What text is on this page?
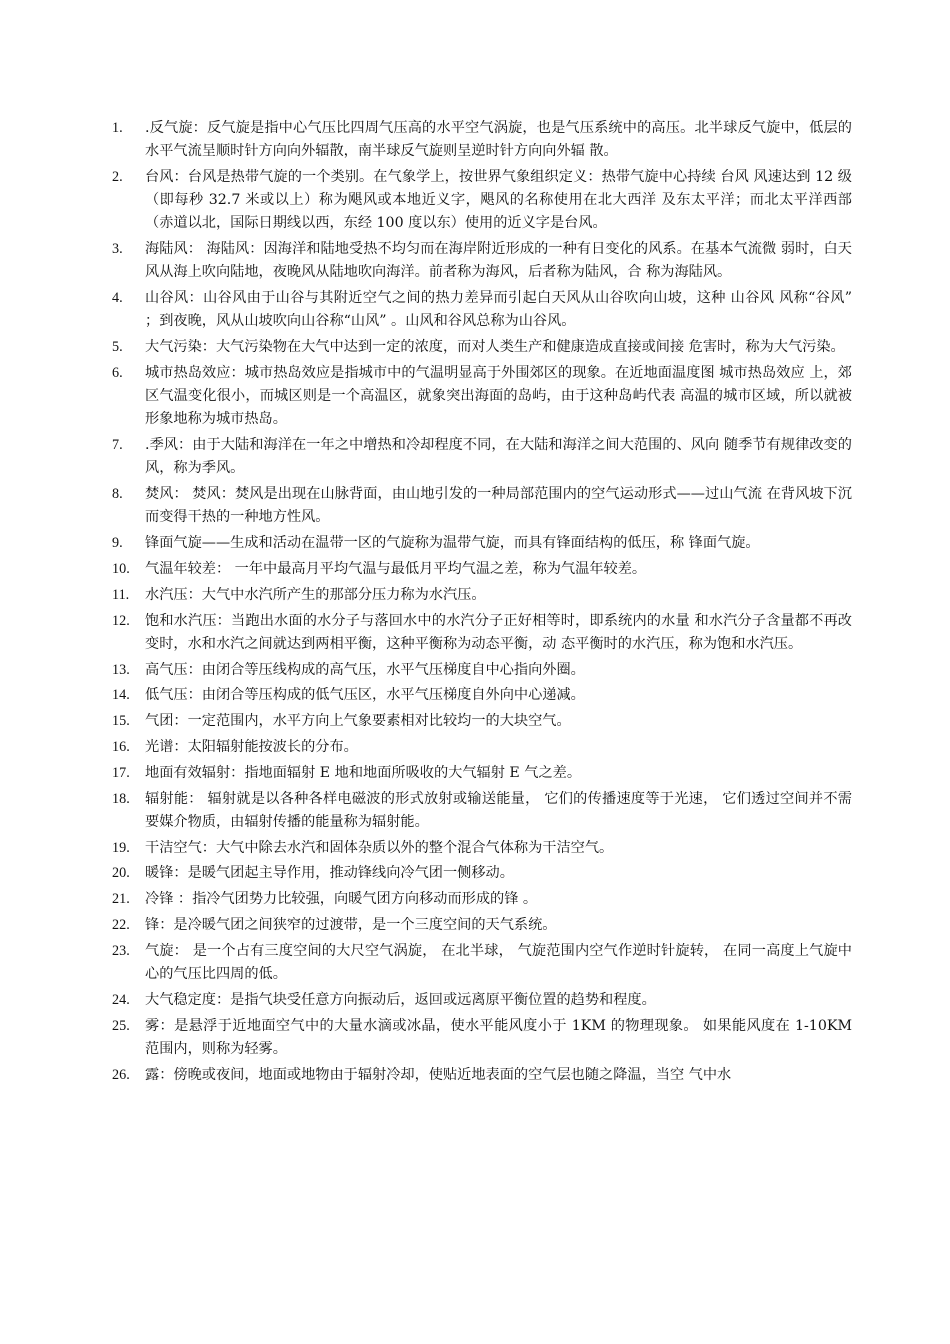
1.	.反气旋：反气旋是指中心气压比四周气压高的水平空气涡旋，也是气压系统中的高压。北半球反气旋中，低层的水平气流呈顺时针方向向外辐散，南半球反气旋则呈逆时针方向向外辐 散。
2.	台风：台风是热带气旋的一个类别。在气象学上，按世界气象组织定义：热带气旋中心持续 台风 风速达到 12 级（即每秒 32.7 米或以上）称为飓风或本地近义字，飓风的名称使用在北大西洋 及东太平洋；而北太平洋西部（赤道以北，国际日期线以西，东经 100 度以东）使用的近义字是台风。
3.	海陆风： 海陆风：因海洋和陆地受热不均匀而在海岸附近形成的一种有日变化的风系。在基本气流微 弱时，白天风从海上吹向陆地，夜晚风从陆地吹向海洋。前者称为海风，后者称为陆风，合 称为海陆风。
4.	山谷风：山谷风由于山谷与其附近空气之间的热力差异而引起白天风从山谷吹向山坡，这种 山谷风 风称“谷风” ；到夜晚，风从山坡吹向山谷称“山风” 。山风和谷风总称为山谷风。
5.	大气污染：大气污染物在大气中达到一定的浓度，而对人类生产和健康造成直接或间接 危害时，称为大气污染。
6.	城市热岛效应：城市热岛效应是指城市中的气温明显高于外围郊区的现象。在近地面温度图 城市热岛效应 上，郊区气温变化很小，而城区则是一个高温区，就象突出海面的岛屿，由于这种岛屿代表 高温的城市区域，所以就被形象地称为城市热岛。
7.	.季风：由于大陆和海洋在一年之中增热和冷却程度不同，在大陆和海洋之间大范围的、风向 随季节有规律改变的风，称为季风。
8.	焚风： 焚风：焚风是出现在山脉背面，由山地引发的一种局部范围内的空气运动形式——过山气流 在背风坡下沉而变得干热的一种地方性风。
9.	锋面气旋——生成和活动在温带一区的气旋称为温带气旋，而具有锋面结构的低压，称 锋面气旋。
10.	气温年较差： 一年中最高月平均气温与最低月平均气温之差，称为气温年较差。
11.	水汽压：大气中水汽所产生的那部分压力称为水汽压。
12.	饱和水汽压：当跑出水面的水分子与落回水中的水汽分子正好相等时，即系统内的水量 和水汽分子含量都不再改变时，水和水汽之间就达到两相平衡，这种平衡称为动态平衡，动 态平衡时的水汽压，称为饱和水汽压。
13.	高气压：由闭合等压线构成的高气压，水平气压梯度自中心指向外圈。
14.	低气压：由闭合等压构成的低气压区，水平气压梯度自外向中心递减。
15.	气团：一定范围内，水平方向上气象要素相对比较均一的大块空气。
16.	光谱：太阳辐射能按波长的分布。
17.	地面有效辐射：指地面辐射 E 地和地面所吸收的大气辐射 E 气之差。
18.	辐射能： 辐射就是以各种各样电磁波的形式放射或输送能量， 它们的传播速度等于光速， 它们透过空间并不需要媒介物质，由辐射传播的能量称为辐射能。
19.	干洁空气：大气中除去水汽和固体杂质以外的整个混合气体称为干洁空气。
20.	暖锋：是暖气团起主导作用，推动锋线向冷气团一侧移动。
21.	冷锋 ：指冷气团势力比较强，向暖气团方向移动而形成的锋 。
22.	锋：是冷暖气团之间狭窄的过渡带，是一个三度空间的天气系统。
23.	气旋： 是一个占有三度空间的大尺空气涡旋， 在北半球， 气旋范围内空气作逆时针旋转， 在同一高度上气旋中心的气压比四周的低。
24.	大气稳定度：是指气块受任意方向振动后，返回或远离原平衡位置的趋势和程度。
25.	雾：是悬浮于近地面空气中的大量水滴或冰晶，使水平能风度小于 1KM 的物理现象。 如果能风度在 1-10KM 范围内，则称为轻雾。
26.	露：傍晚或夜间，地面或地物由于辐射冷却，使贴近地表面的空气层也随之降温，当空 气中水
